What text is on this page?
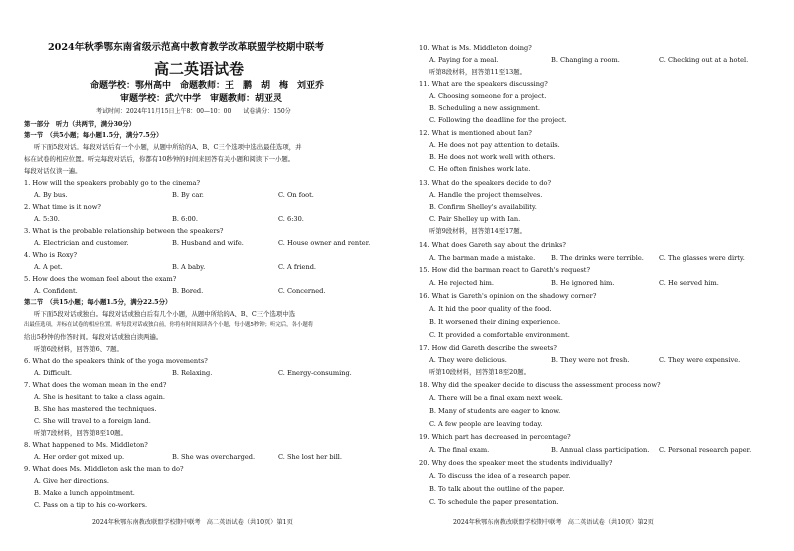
2024年秋季鄂东南省级示范高中教育教学改革联盟学校期中联考
高二英语试卷
命题学校：鄂州高中　命题教师：王　鹏　胡　梅　刘亚乔
审题学校：武穴中学　审题教师：胡亚灵
考试时间：2024年11月15日上午8：00—10：00　　试卷满分：150分
第一部分　听力（共两节，满分30分）
第一节　（共5小题；每小题1.5分，满分7.5分）
听下面5段对话。每段对话后有一个小题，从题中所给的A、B、C三个选项中选出最佳选项，并
标在试卷的相应位置。听完每段对话后，你都有10秒钟的时间来回答有关小题和阅读下一小题。
每段对话仅读一遍。
1. How will the speakers probably go to the cinema?
A. By bus.	B. By car.	C. On foot.
2. What time is it now?
A. 5:30.	B. 6:00.	C. 6:30.
3. What is the probable relationship between the speakers?
A. Electrician and customer.	B. Husband and wife.	C. House owner and renter.
4. Who is Roxy?
A. A pet.	B. A baby.	C. A friend.
5. How does the woman feel about the exam?
A. Confident.	B. Bored.	C. Concerned.
第二节　（共15小题；每小题1.5分，满分22.5分）
听下面5段对话或独白。每段对话或独白后有几个小题，从题中所给的A、B、C三个选项中选
出最佳选项，并标在试卷的相应位置。听每段对话或独白前，你将有时间阅读各个小题，每小题5秒钟；听完后，各小题将
给出5秒钟的作答时间。每段对话或独白读两遍。
听第6段材料，回答第6、7题。
6. What do the speakers think of the yoga movements?
A. Difficult.	B. Relaxing.	C. Energy-consuming.
7. What does the woman mean in the end?
A. She is hesitant to take a class again.
B. She has mastered the techniques.
C. She will travel to a foreign land.
听第7段材料，回答第8至10题。
8. What happened to Ms. Middleton?
A. Her order got mixed up.	B. She was overcharged.	C. She lost her bill.
9. What does Ms. Middleton ask the man to do?
A. Give her directions.
B. Make a lunch appointment.
C. Pass on a tip to his co-workers.
2024年秋鄂东南教改联盟学校期中联考　高二英语试卷（共10页）第1页
10. What is Ms. Middleton doing?
A. Paying for a meal.	B. Changing a room.	C. Checking out at a hotel.
听第8段材料，回答第11至13题。
11. What are the speakers discussing?
A. Choosing someone for a project.
B. Scheduling a new assignment.
C. Following the deadline for the project.
12. What is mentioned about Ian?
A. He does not pay attention to details.
B. He does not work well with others.
C. He often finishes work late.
13. What do the speakers decide to do?
A. Handle the project themselves.
B. Confirm Shelley's availability.
C. Pair Shelley up with Ian.
听第9段材料，回答第14至17题。
14. What does Gareth say about the drinks?
A. The barman made a mistake. B. The drinks were terrible. C. The glasses were dirty.
15. How did the barman react to Gareth's request?
A. He rejected him.	B. He ignored him.	C. He served him.
16. What is Gareth's opinion on the shadowy corner?
A. It hid the poor quality of the food.
B. It worsened their dining experience.
C. It provided a comfortable environment.
17. How did Gareth describe the sweets?
A. They were delicious.	B. They were not fresh.	C. They were expensive.
听第10段材料，回答第18至20题。
18. Why did the speaker decide to discuss the assessment process now?
A. There will be a final exam next week.
B. Many of students are eager to know.
C. A few people are leaving today.
19. Which part has decreased in percentage?
A. The final exam.	B. Annual class participation. C. Personal research paper.
20. Why does the speaker meet the students individually?
A. To discuss the idea of a research paper.
B. To talk about the outline of the paper.
C. To schedule the paper presentation.
2024年秋鄂东南教改联盟学校期中联考　高二英语试卷（共10页）第2页
